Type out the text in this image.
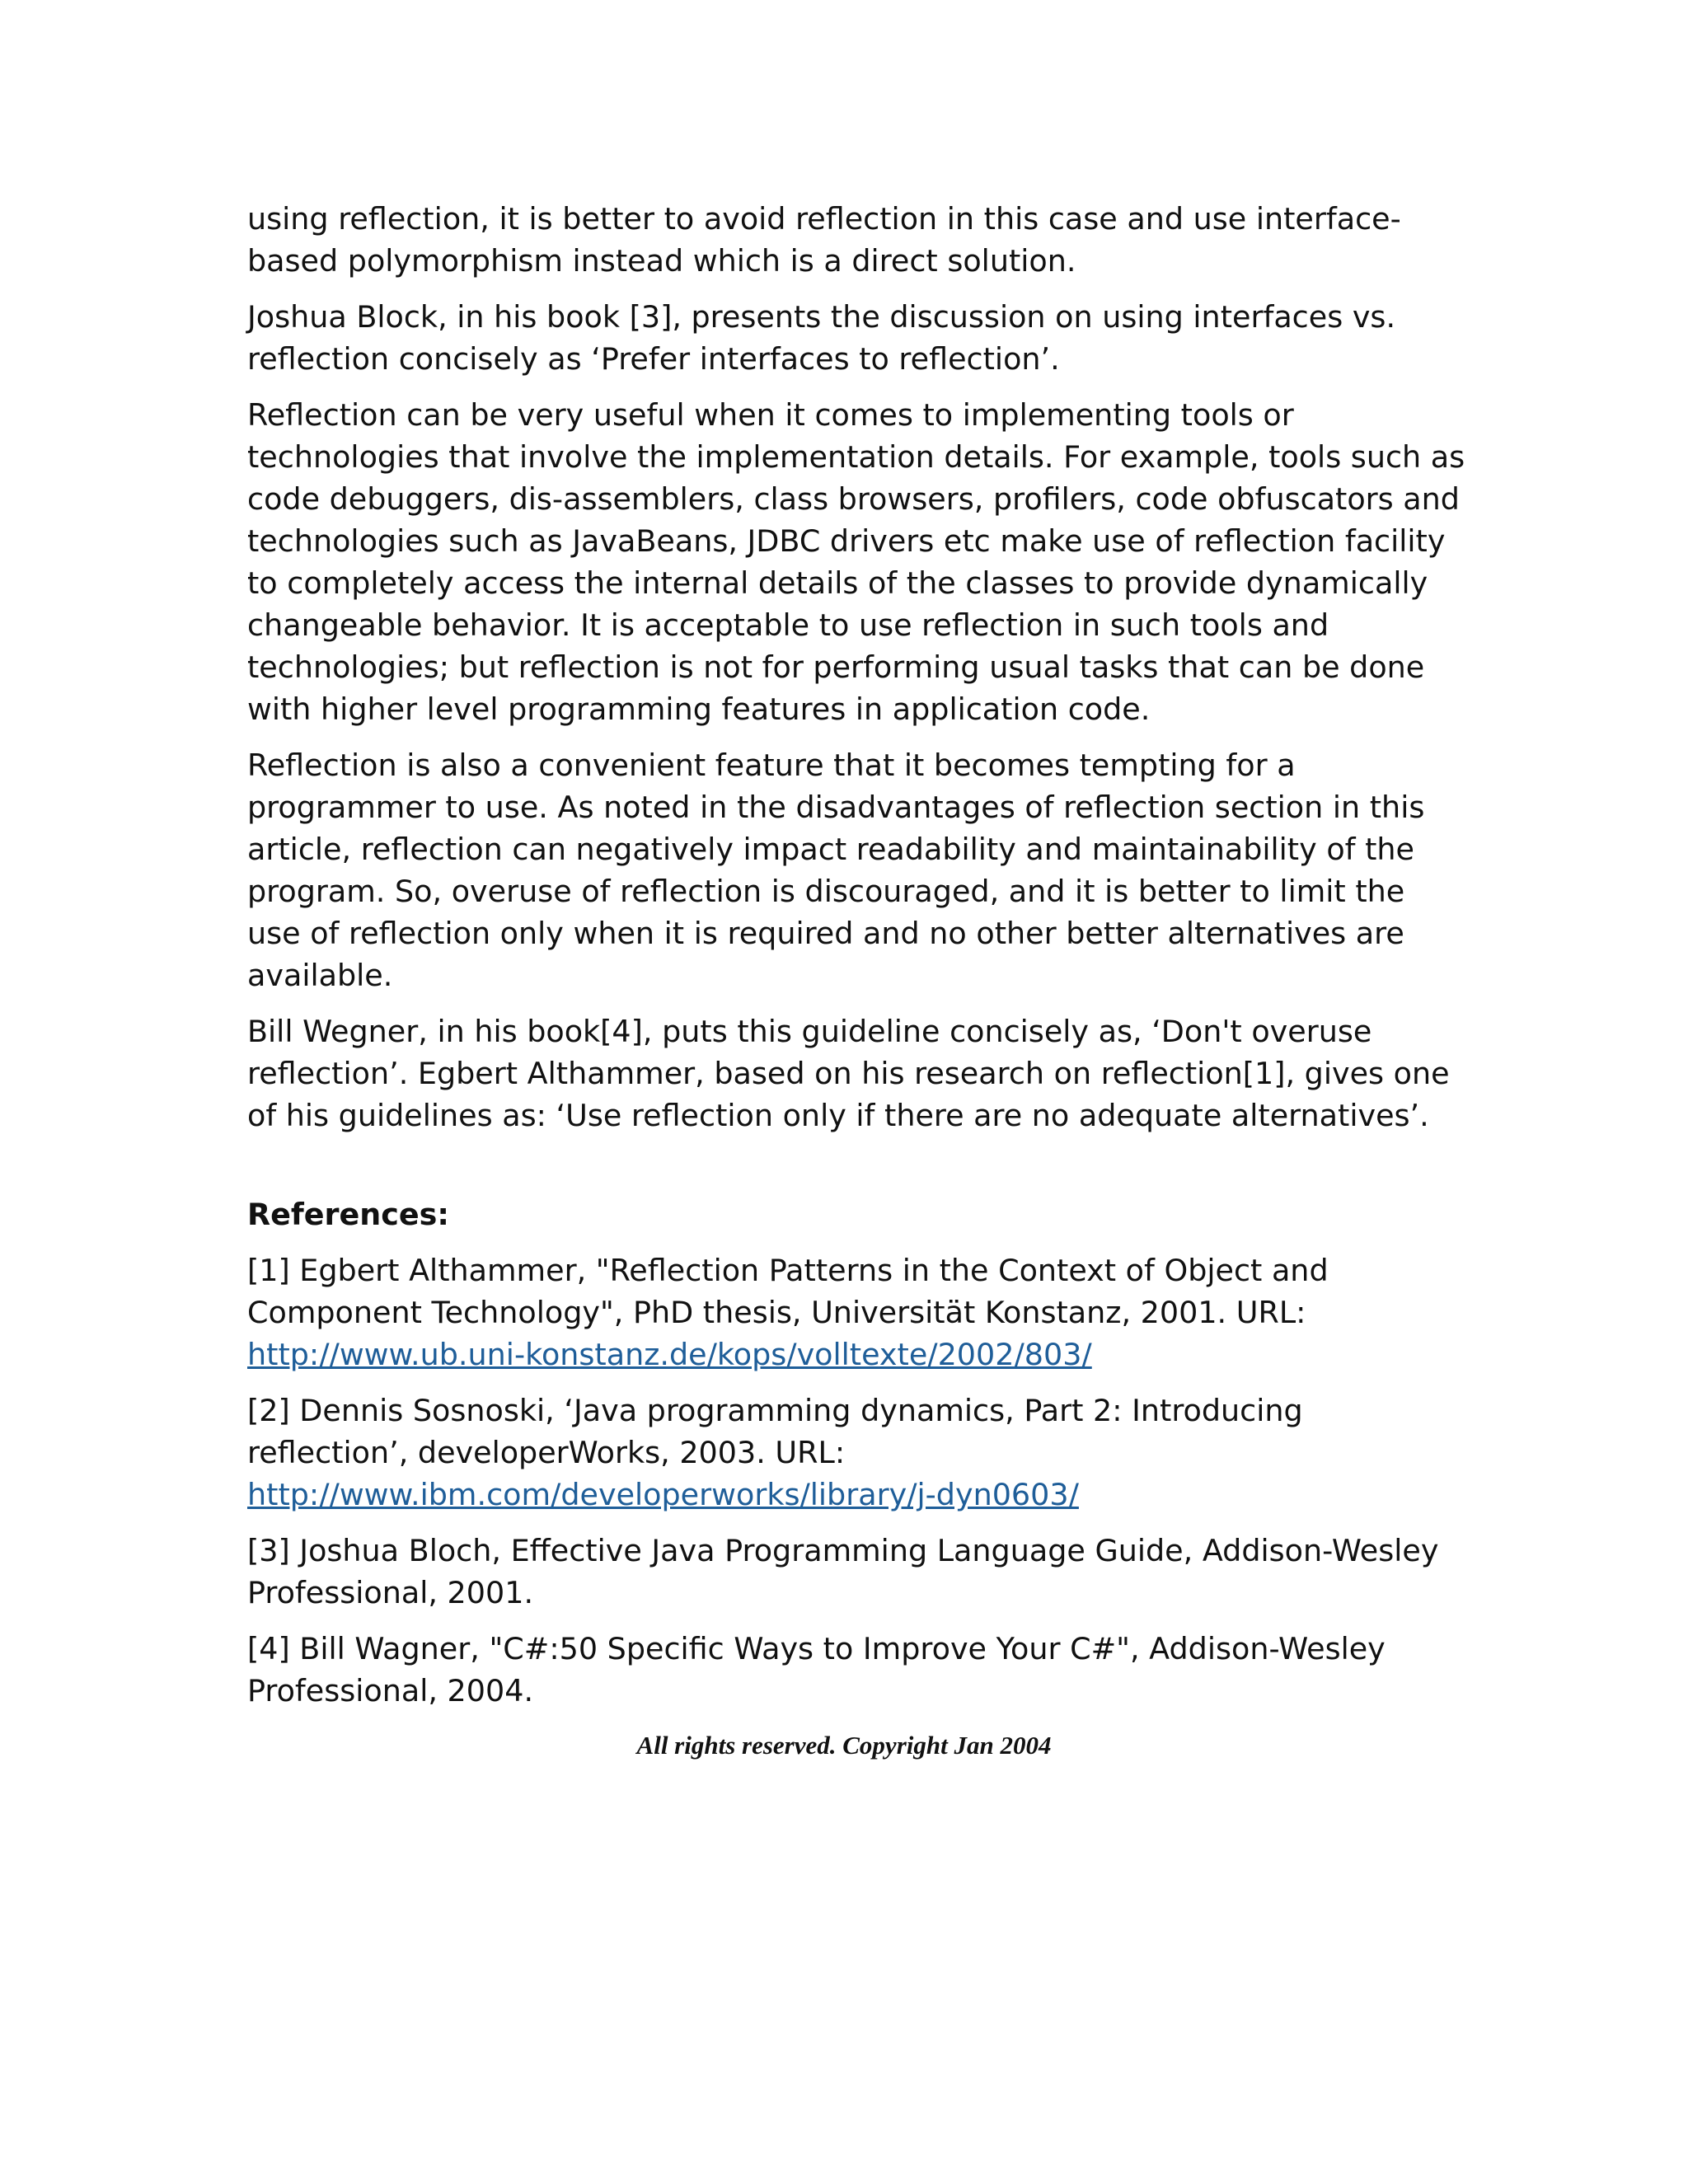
using reflection, it is better to avoid reflection in this case and use interface-based polymorphism instead which is a direct solution.

Joshua Block, in his book [3], presents the discussion on using interfaces vs. reflection concisely as ‘Prefer interfaces to reflection’.

Reflection can be very useful when it comes to implementing tools or technologies that involve the implementation details. For example, tools such as code debuggers, dis-assemblers, class browsers, profilers, code obfuscators and technologies such as JavaBeans, JDBC drivers etc make use of reflection facility to completely access the internal details of the classes to provide dynamically changeable behavior. It is acceptable to use reflection in such tools and technologies; but reflection is not for performing usual tasks that can be done with higher level programming features in application code.

Reflection is also a convenient feature that it becomes tempting for a programmer to use. As noted in the disadvantages of reflection section in this article, reflection can negatively impact readability and maintainability of the program. So, overuse of reflection is discouraged, and it is better to limit the use of reflection only when it is required and no other better alternatives are available.

Bill Wegner, in his book[4], puts this guideline concisely as, ‘Don't overuse reflection’. Egbert Althammer, based on his research on reflection[1], gives one of his guidelines as: ‘Use reflection only if there are no adequate alternatives’.

References:

[1] Egbert Althammer, "Reflection Patterns in the Context of Object and Component Technology", PhD thesis, Universität Konstanz, 2001. URL: http://www.ub.uni-konstanz.de/kops/volltexte/2002/803/

[2] Dennis Sosnoski, ‘Java programming dynamics, Part 2: Introducing reflection’, developerWorks, 2003. URL: http://www.ibm.com/developerworks/library/j-dyn0603/

[3] Joshua Bloch, Effective Java Programming Language Guide, Addison-Wesley Professional, 2001.

[4] Bill Wagner, "C#:50 Specific Ways to Improve Your C#", Addison-Wesley Professional, 2004.

All rights reserved. Copyright Jan 2004
